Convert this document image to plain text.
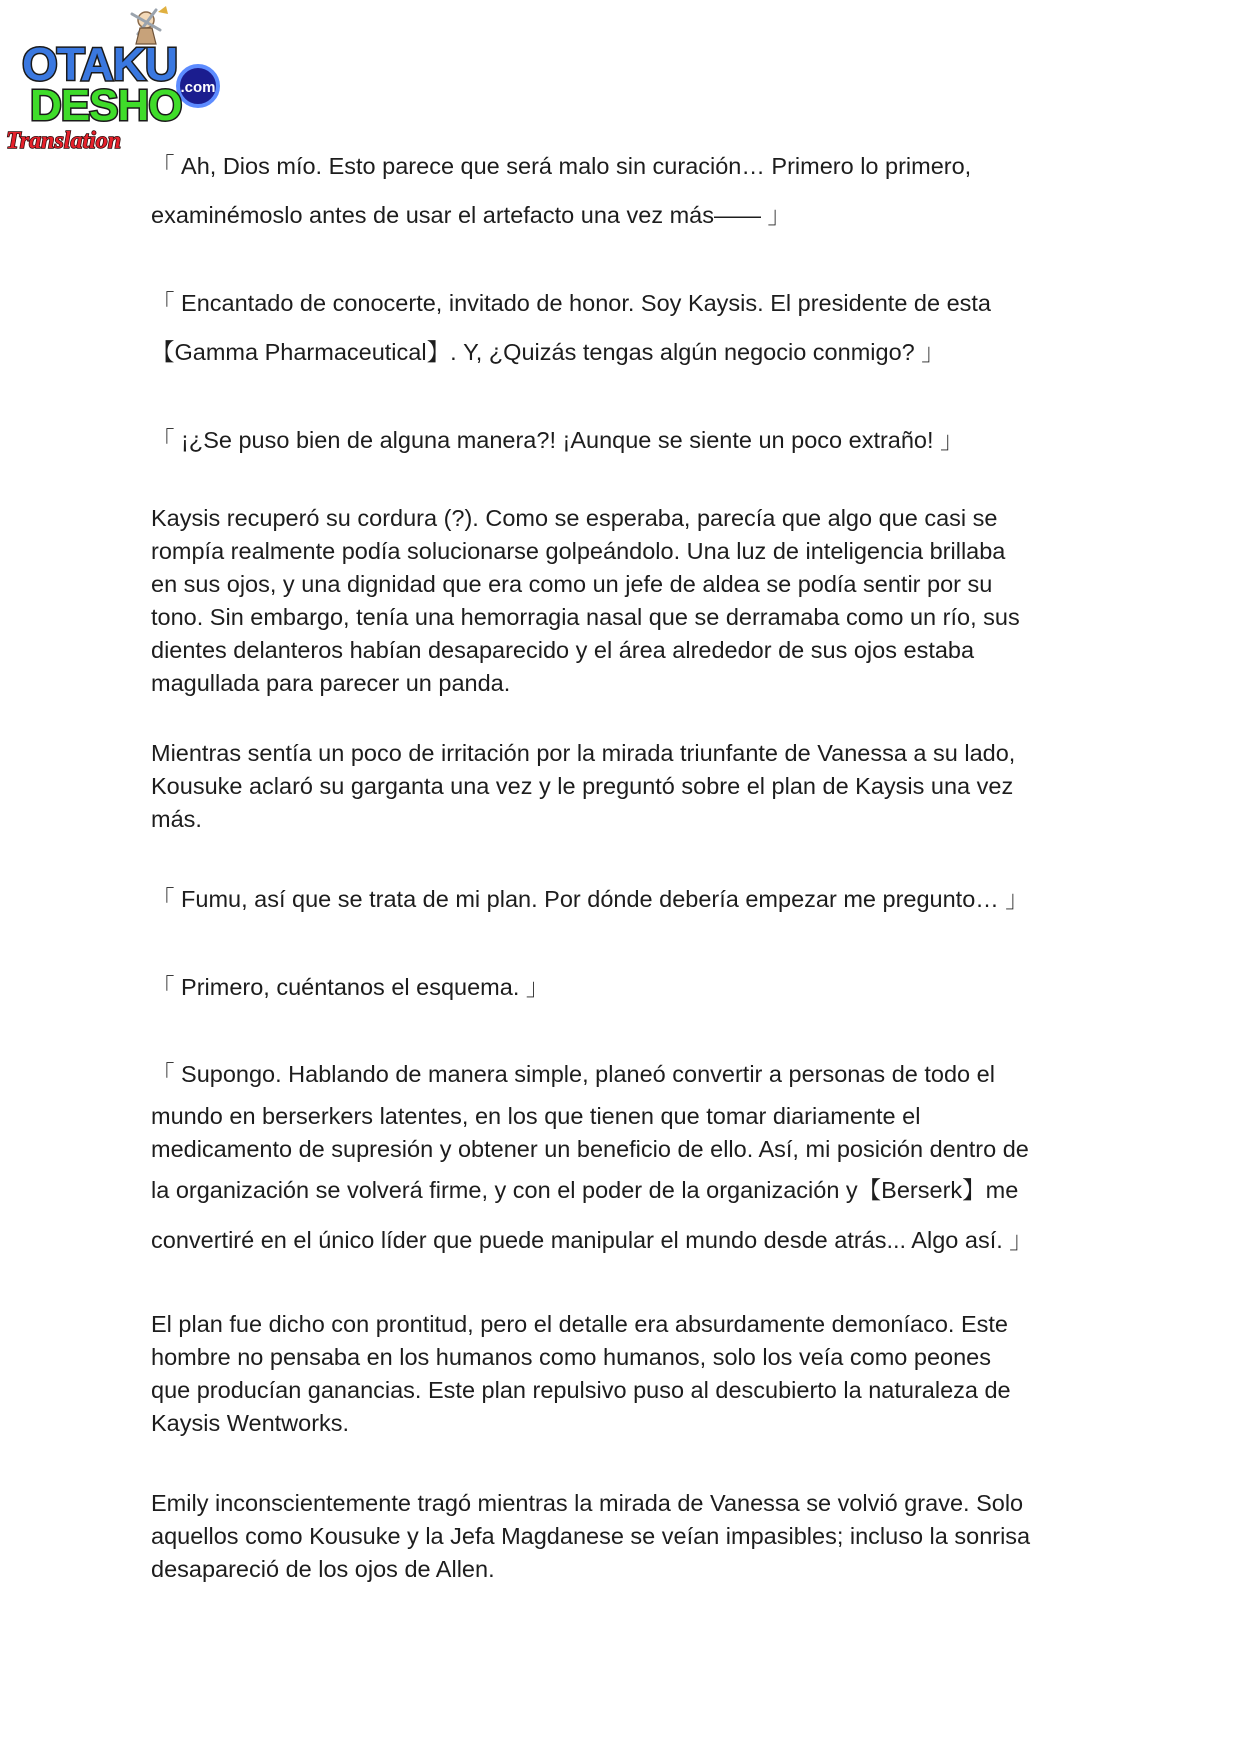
.com
OTAKU
DESHO
Translation
「 Ah, Dios mío. Esto parece que será malo sin curación… Primero lo primero,
examinémoslo antes de usar el artefacto una vez más—— 」
「 Encantado de conocerte, invitado de honor. Soy Kaysis. El presidente de esta
【Gamma Pharmaceutical】. Y, ¿Quizás tengas algún negocio conmigo? 」
「 ¡¿Se puso bien de alguna manera?! ¡Aunque se siente un poco extraño! 」
Kaysis recuperó su cordura (?). Como se esperaba, parecía que algo que casi se
rompía realmente podía solucionarse golpeándolo. Una luz de inteligencia brillaba
en sus ojos, y una dignidad que era como un jefe de aldea se podía sentir por su
tono. Sin embargo, tenía una hemorragia nasal que se derramaba como un río, sus
dientes delanteros habían desaparecido y el área alrededor de sus ojos estaba
magullada para parecer un panda.
Mientras sentía un poco de irritación por la mirada triunfante de Vanessa a su lado,
Kousuke aclaró su garganta una vez y le preguntó sobre el plan de Kaysis una vez
más.
「 Fumu, así que se trata de mi plan. Por dónde debería empezar me pregunto… 」
「 Primero, cuéntanos el esquema. 」
「 Supongo. Hablando de manera simple, planeó convertir a personas de todo el
mundo en berserkers latentes, en los que tienen que tomar diariamente el
medicamento de supresión y obtener un beneficio de ello. Así, mi posición dentro de
la organización se volverá firme, y con el poder de la organización y【Berserk】me
convertiré en el único líder que puede manipular el mundo desde atrás... Algo así. 」
El plan fue dicho con prontitud, pero el detalle era absurdamente demoníaco. Este
hombre no pensaba en los humanos como humanos, solo los veía como peones
que producían ganancias. Este plan repulsivo puso al descubierto la naturaleza de
Kaysis Wentworks.
Emily inconscientemente tragó mientras la mirada de Vanessa se volvió grave. Solo
aquellos como Kousuke y la Jefa Magdanese se veían impasibles; incluso la sonrisa
desapareció de los ojos de Allen.
